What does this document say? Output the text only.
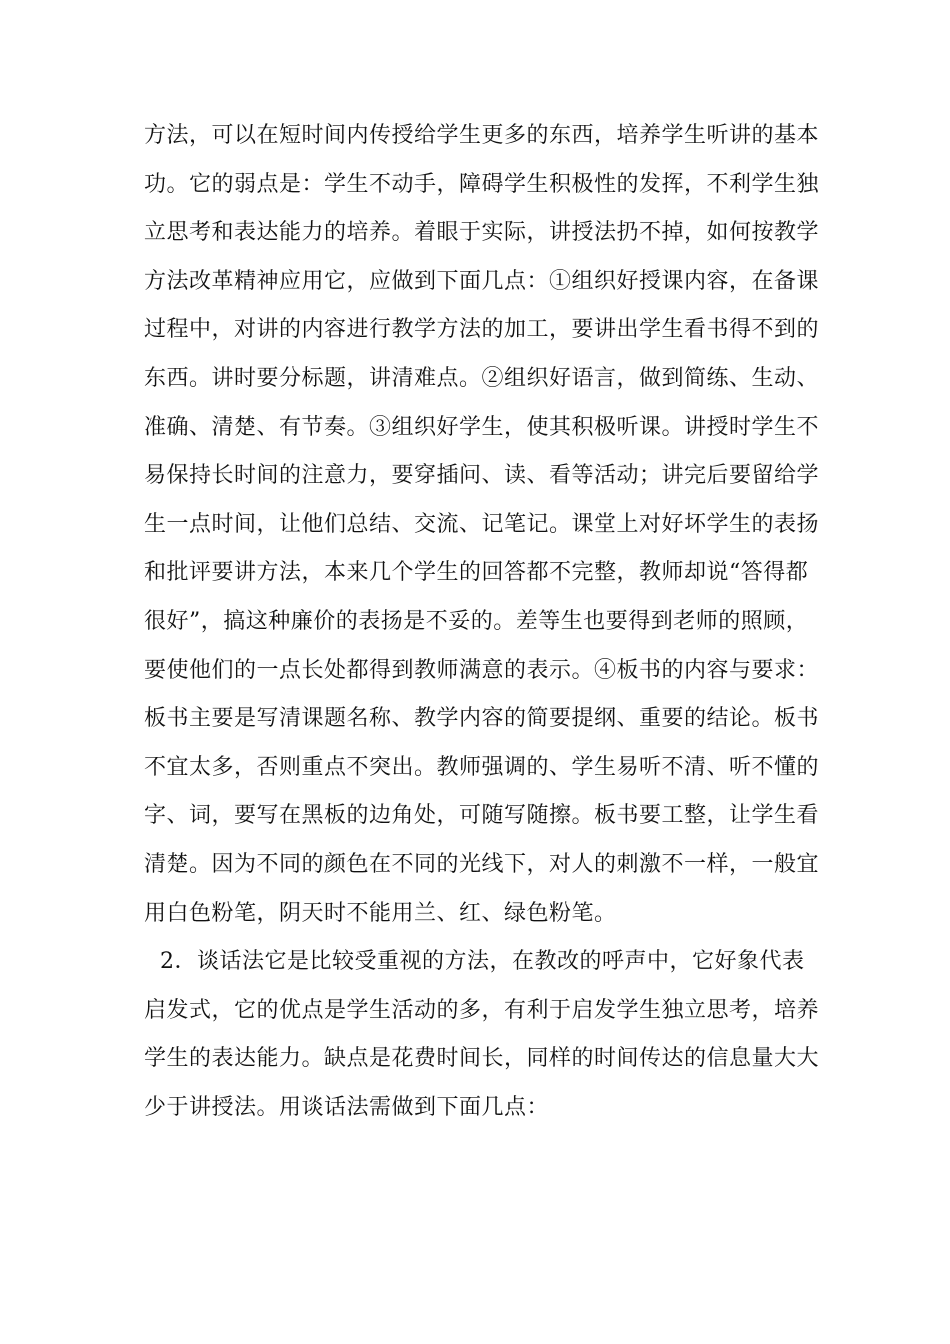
方法，可以在短时间内传授给学生更多的东西，培养学生听讲的基本
功。它的弱点是：学生不动手，障碍学生积极性的发挥，不利学生独
立思考和表达能力的培养。着眼于实际，讲授法扔不掉，如何按教学
方法改革精神应用它，应做到下面几点：①组织好授课内容，在备课
过程中，对讲的内容进行教学方法的加工，要讲出学生看书得不到的
东西。讲时要分标题，讲清难点。②组织好语言，做到简练、生动、
准确、清楚、有节奏。③组织好学生，使其积极听课。讲授时学生不
易保持长时间的注意力，要穿插问、读、看等活动；讲完后要留给学
生一点时间，让他们总结、交流、记笔记。课堂上对好坏学生的表扬
和批评要讲方法，本来几个学生的回答都不完整，教师却说“答得都
很好”，搞这种廉价的表扬是不妥的。差等生也要得到老师的照顾，
要使他们的一点长处都得到教师满意的表示。④板书的内容与要求：
板书主要是写清课题名称、教学内容的简要提纲、重要的结论。板书
不宜太多，否则重点不突出。教师强调的、学生易听不清、听不懂的
字、词，要写在黑板的边角处，可随写随擦。板书要工整，让学生看
清楚。因为不同的颜色在不同的光线下，对人的刺激不一样，一般宜
用白色粉笔，阴天时不能用兰、红、绿色粉笔。
2．谈话法它是比较受重视的方法，在教改的呼声中，它好象代表
启发式，它的优点是学生活动的多，有利于启发学生独立思考，培养
学生的表达能力。缺点是花费时间长，同样的时间传达的信息量大大
少于讲授法。用谈话法需做到下面几点：
